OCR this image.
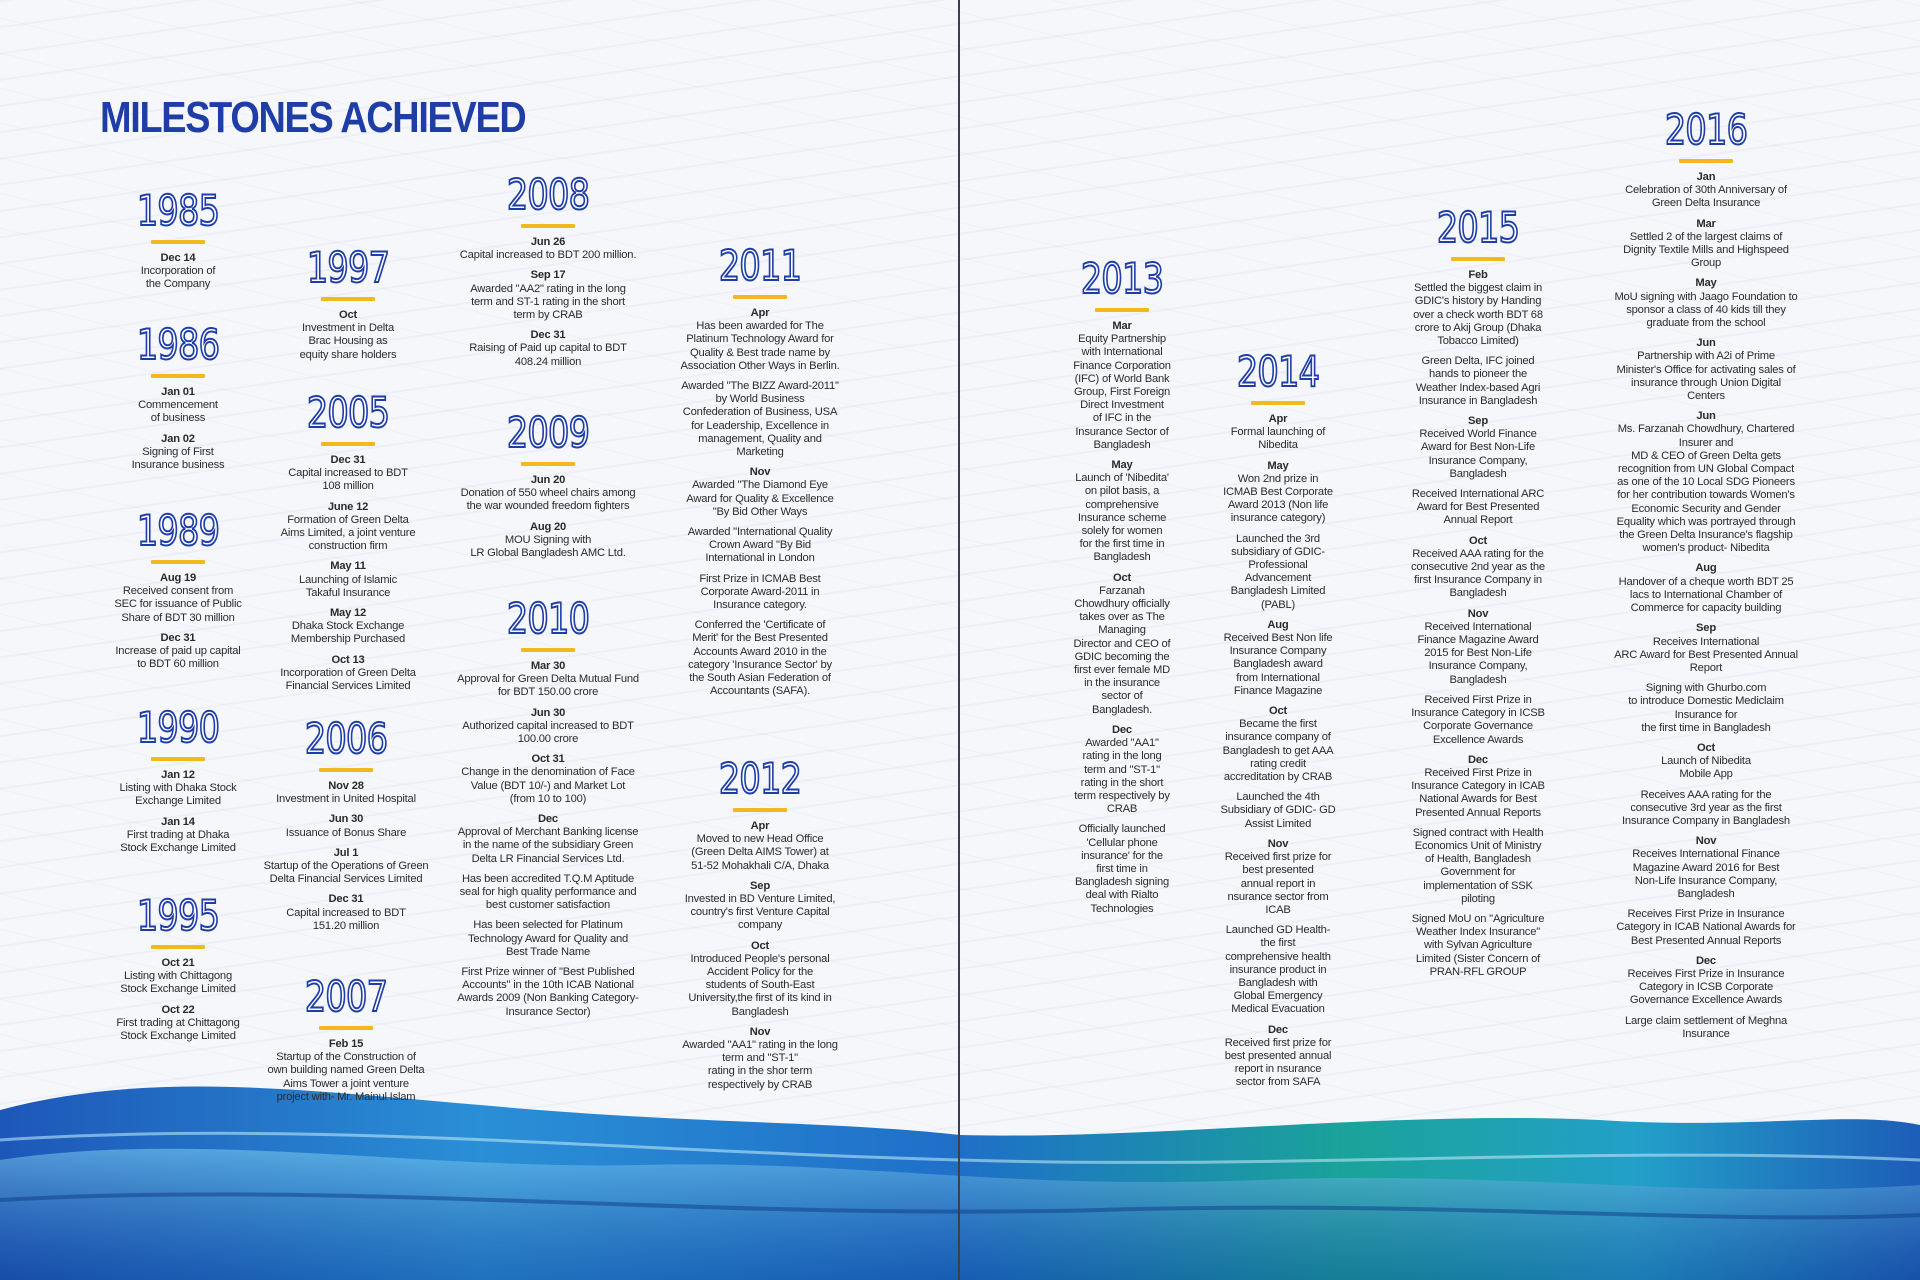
MILESTONES ACHIEVED
1985
Dec 14
Incorporation of
the Company
1986
Jan 01
Commencement
of business
Jan 02
Signing of First
Insurance business
1989
Aug 19
Received consent from
SEC for issuance of Public
Share of BDT 30 million
Dec 31
Increase of paid up capital
to BDT 60 million
1990
Jan 12
Listing with Dhaka Stock
Exchange Limited
Jan 14
First trading at Dhaka
Stock Exchange Limited
1995
Oct 21
Listing with Chittagong
Stock Exchange Limited
Oct 22
First trading at Chittagong
Stock Exchange Limited
1997
Oct
Investment in Delta
Brac Housing as
equity share holders
2005
Dec 31
Capital increased to BDT
108 million
June 12
Formation of Green Delta
Aims Limited, a joint venture
construction firm
May 11
Launching of Islamic
Takaful Insurance
May 12
Dhaka Stock Exchange
Membership Purchased
Oct 13
Incorporation of Green Delta
Financial Services Limited
2006
Nov 28
Investment in United Hospital
Jun 30
Issuance of Bonus Share
Jul 1
Startup of the Operations of Green
Delta Financial Services Limited
Dec 31
Capital increased to BDT
151.20 million
2007
Feb 15
Startup of the Construction of
own building named Green Delta
Aims Tower a joint venture
project with- Mr. Mainul Islam
2008
Jun 26
Capital increased to BDT 200 million.
Sep 17
Awarded "AA2" rating in the long
term and ST-1 rating in the short
term by CRAB
Dec 31
Raising of Paid up capital to BDT
408.24 million
2009
Jun 20
Donation of 550 wheel chairs among
the war wounded freedom fighters
Aug 20
MOU Signing with
LR Global Bangladesh AMC Ltd.
2010
Mar 30
Approval for Green Delta Mutual Fund
for BDT 150.00 crore
Jun 30
Authorized capital increased to BDT
100.00 crore
Oct 31
Change in the denomination of Face
Value (BDT 10/-) and Market Lot
(from 10 to 100)
Dec
Approval of Merchant Banking license
in the name of the subsidiary Green
Delta LR Financial Services Ltd.
Has been accredited T.Q.M Aptitude
seal for high quality performance and
best customer satisfaction
Has been selected for Platinum
Technology Award for Quality and
Best Trade Name
First Prize winner of "Best Published
Accounts" in the 10th ICAB National
Awards 2009 (Non Banking Category-
Insurance Sector)
2011
Apr
Has been awarded for The
Platinum Technology Award for
Quality & Best trade name by
Association Other Ways in Berlin.
Awarded "The BIZZ Award-2011"
by World Business
Confederation of Business, USA
for Leadership, Excellence in
management, Quality and
Marketing
Nov
Awarded "The Diamond Eye
Award for Quality & Excellence
"By Bid Other Ways
Awarded "International Quality
Crown Award "By Bid
International in London
First Prize in ICMAB Best
Corporate Award-2011 in
Insurance category.
Conferred the 'Certificate of
Merit' for the Best Presented
Accounts Award 2010 in the
category 'Insurance Sector' by
the South Asian Federation of
Accountants (SAFA).
2012
Apr
Moved to new Head Office
(Green Delta AIMS Tower) at
51-52 Mohakhali C/A, Dhaka
Sep
Invested in BD Venture Limited,
country's first Venture Capital
company
Oct
Introduced People's personal
Accident Policy for the
students of South-East
University,the first of its kind in
Bangladesh
Nov
Awarded "AA1" rating in the long
term and "ST-1"
rating in the shor term
respectively by CRAB
2013
Mar
Equity Partnership
with International
Finance Corporation
(IFC) of World Bank
Group, First Foreign
Direct Investment
of IFC in the
Insurance Sector of
Bangladesh
May
Launch of 'Nibedita'
on pilot basis, a
comprehensive
Insurance scheme
solely for women
for the first time in
Bangladesh
Oct
Farzanah
Chowdhury officially
takes over as The
Managing
Director and CEO of
GDIC becoming the
first ever female MD
in the insurance
sector of
Bangladesh.
Dec
Awarded "AA1"
rating in the long
term and "ST-1"
rating in the short
term respectively by
CRAB
Officially launched
'Cellular phone
insurance' for the
first time in
Bangladesh signing
deal with Rialto
Technologies
2014
Apr
Formal launching of
Nibedita
May
Won 2nd prize in
ICMAB Best Corporate
Award 2013 (Non life
insurance category)
Launched the 3rd
subsidiary of GDIC-
Professional
Advancement
Bangladesh Limited
(PABL)
Aug
Received Best Non life
Insurance Company
Bangladesh award
from International
Finance Magazine
Oct
Became the first
insurance company of
Bangladesh to get AAA
rating credit
accreditation by CRAB
Launched the 4th
Subsidiary of GDIC- GD
Assist Limited
Nov
Received first prize for
best presented
annual report in
nsurance sector from
ICAB
Launched GD Health-
the first
comprehensive health
insurance product in
Bangladesh with
Global Emergency
Medical Evacuation
Dec
Received first prize for
best presented annual
report in nsurance
sector from SAFA
2015
Feb
Settled the biggest claim in
GDIC's history by Handing
over a check worth BDT 68
crore to Akij Group (Dhaka
Tobacco Limited)
Green Delta, IFC joined
hands to pioneer the
Weather Index-based Agri
Insurance in Bangladesh
Sep
Received World Finance
Award for Best Non-Life
Insurance Company,
Bangladesh
Received International ARC
Award for Best Presented
Annual Report
Oct
Received AAA rating for the
consecutive 2nd year as the
first Insurance Company in
Bangladesh
Nov
Received International
Finance Magazine Award
2015 for Best Non-Life
Insurance Company,
Bangladesh
Received First Prize in
Insurance Category in ICSB
Corporate Governance
Excellence Awards
Dec
Received First Prize in
Insurance Category in ICAB
National Awards for Best
Presented Annual Reports
Signed contract with Health
Economics Unit of Ministry
of Health, Bangladesh
Government for
implementation of SSK
piloting
Signed MoU on "Agriculture
Weather Index Insurance"
with Sylvan Agriculture
Limited (Sister Concern of
PRAN-RFL GROUP
2016
Jan
Celebration of 30th Anniversary of
Green Delta Insurance
Mar
Settled 2 of the largest claims of
Dignity Textile Mills and Highspeed
Group
May
MoU signing with Jaago Foundation to
sponsor a class of 40 kids till they
graduate from the school
Jun
Partnership with A2i of Prime
Minister's Office for activating sales of
insurance through Union Digital
Centers
Jun
Ms. Farzanah Chowdhury, Chartered
Insurer and
MD & CEO of Green Delta gets
recognition from UN Global Compact
as one of the 10 Local SDG Pioneers
for her contribution towards Women's
Economic Security and Gender
Equality which was portrayed through
the Green Delta Insurance's flagship
women's product- Nibedita
Aug
Handover of a cheque worth BDT 25
lacs to International Chamber of
Commerce for capacity building
Sep
Receives International
ARC Award for Best Presented Annual
Report
Signing with Ghurbo.com
to introduce Domestic Mediclaim
Insurance for
the first time in Bangladesh
Oct
Launch of Nibedita
Mobile App
Receives AAA rating for the
consecutive 3rd year as the first
Insurance Company in Bangladesh
Nov
Receives International Finance
Magazine Award 2016 for Best
Non-Life Insurance Company,
Bangladesh
Receives First Prize in Insurance
Category in ICAB National Awards for
Best Presented Annual Reports
Dec
Receives First Prize in Insurance
Category in ICSB Corporate
Governance Excellence Awards
Large claim settlement of Meghna
Insurance
